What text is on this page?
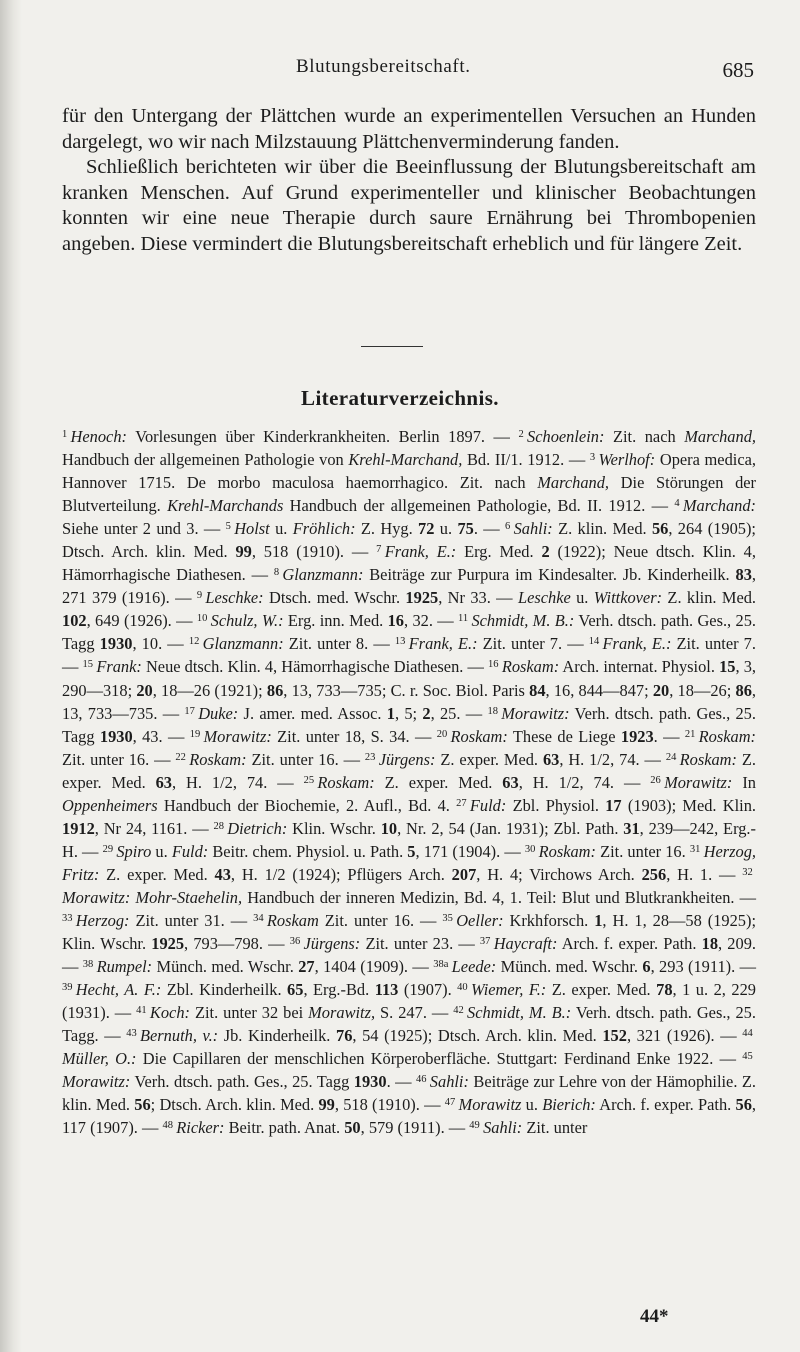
Blutungsbereitschaft.	685

für den Untergang der Plättchen wurde an experimentellen Versuchen an Hunden dargelegt, wo wir nach Milzstauung Plättchenverminderung fanden.

Schließlich berichteten wir über die Beeinflussung der Blutungsbereitschaft am kranken Menschen. Auf Grund experimenteller und klinischer Beobachtungen konnten wir eine neue Therapie durch saure Ernährung bei Thrombopenien angeben. Diese vermindert die Blutungsbereitschaft erheblich und für längere Zeit.

Literaturverzeichnis.

$^1$  Henoch: Vorlesungen über Kinderkrankheiten. Berlin 1897. — $^2$  Schoenlein: Zit. nach Marchand, Handbuch der allgemeinen Pathologie von Krehl-Marchand, Bd. II/1. 1912. — $^3$  Werlhof: Opera medica, Hannover 1715. De morbo maculosa haemorrhagico. Zit. nach Marchand, Die Störungen der Blutverteilung. Krehl-Marchands Handbuch der allgemeinen Pathologie, Bd. II. 1912. — $^4$  Marchand: Siehe unter 2 und 3. — $^5$  Holst u. Fröhlich: Z. Hyg. 72 u. 75. — $^6$  Sahli: Z. klin. Med. 56, 264 (1905); Dtsch. Arch. klin. Med. 99, 518 (1910). — $^7$  Frank, E.: Erg. Med. 2 (1922); Neue dtsch. Klin. 4, Hämorrhagische Diathesen. — $^8$  Glanzmann: Beiträge zur Purpura im Kindesalter. Jb. Kinderheilk. 83, 271 379 (1916). — $^9$  Leschke: Dtsch. med. Wschr. 1925, Nr 33. — Leschke u. Wittkover: Z. klin. Med. 102, 649 (1926). — $^{10}$  Schulz, W.: Erg. inn. Med. 16, 32. — $^{11}$  Schmidt, M. B.: Verh. dtsch. path. Ges., 25. Tagg 1930, 10. — $^{12}$  Glanzmann: Zit. unter 8. — $^{13}$  Frank, E.: Zit. unter 7. — $^{14}$  Frank, E.: Zit. unter 7. — $^{15}$  Frank: Neue dtsch. Klin. 4, Hämorrhagische Diathesen. — $^{16}$  Roskam: Arch. internat. Physiol. 15, 3, 290—318; 20, 18—26 (1921); 86, 13, 733—735; C. r. Soc. Biol. Paris 84, 16, 844—847; 20, 18—26; 86, 13, 733—735. — $^{17}$  Duke: J. amer. med. Assoc. 1, 5; 2, 25. — $^{18}$  Morawitz: Verh. dtsch. path. Ges., 25. Tagg 1930, 43. — $^{19}$  Morawitz: Zit. unter 18, S. 34. — $^{20}$  Roskam: These de Liege 1923. — $^{21}$  Roskam: Zit. unter 16. — $^{22}$  Roskam: Zit. unter 16. — $^{23}$  Jürgens: Z. exper. Med. 63, H. 1/2, 74. — $^{24}$  Roskam: Z. exper. Med. 63, H. 1/2, 74. — $^{25}$  Roskam: Z. exper. Med. 63, H. 1/2, 74. — $^{26}$  Morawitz: In Oppenheimers Handbuch der Biochemie, 2. Aufl., Bd. 4. $^{27}$  Fuld: Zbl. Physiol. 17 (1903); Med. Klin. 1912, Nr 24, 1161. — $^{28}$  Dietrich: Klin. Wschr. 10, Nr. 2, 54 (Jan. 1931); Zbl. Path. 31, 239—242, Erg.-H. — $^{29}$  Spiro u. Fuld: Beitr. chem. Physiol. u. Path. 5, 171 (1904). — $^{30}$  Roskam: Zit. unter 16. $^{31}$  Herzog, Fritz: Z. exper. Med. 43, H. 1/2 (1924); Pflügers Arch. 207, H. 4; Virchows Arch. 256, H. 1. — $^{32}$ Morawitz: Mohr-Staehelin, Handbuch der inneren Medizin, Bd. 4, 1. Teil: Blut und Blutkrankheiten. — $^{33}$  Herzog: Zit. unter 31. — $^{34}$  Roskam Zit. unter 16. — $^{35}$  Oeller: Krkhforsch. 1, H. 1, 28—58 (1925); Klin. Wschr. 1925, 793—798. — $^{36}$  Jürgens: Zit. unter 23. — $^{37}$  Haycraft: Arch. f. exper. Path. 18, 209. — $^{38}$  Rumpel: Münch. med. Wschr. 27, 1404 (1909). — $^{38a}$  Leede: Münch. med. Wschr. 6, 293 (1911). — $^{39}$  Hecht, A. F.: Zbl. Kinderheilk. 65, Erg.-Bd. 113 (1907). $^{40}$  Wiemer, F.: Z. exper. Med. 78, 1 u. 2, 229 (1931). — $^{41}$  Koch: Zit. unter 32 bei Morawitz, S. 247. — $^{42}$  Schmidt, M. B.: Verh. dtsch. path. Ges., 25. Tagg. — $^{43}$  Bernuth, v.: Jb. Kinderheilk. 76, 54 (1925); Dtsch. Arch. klin. Med. 152, 321 (1926). — $^{44}$ Müller, O.: Die Capillaren der menschlichen Körperoberfläche. Stuttgart: Ferdinand Enke 1922. — $^{45}$ Morawitz: Verh. dtsch. path. Ges., 25. Tagg 1930. — $^{46}$  Sahli: Beiträge zur Lehre von der Hämophilie. Z. klin. Med. 56; Dtsch. Arch. klin. Med. 99, 518 (1910). — $^{47}$  Morawitz u. Bierich: Arch. f. exper. Path. 56, 117 (1907). — $^{48}$  Ricker: Beitr. path. Anat. 50, 579 (1911). — $^{49}$  Sahli: Zit. unter

44*
